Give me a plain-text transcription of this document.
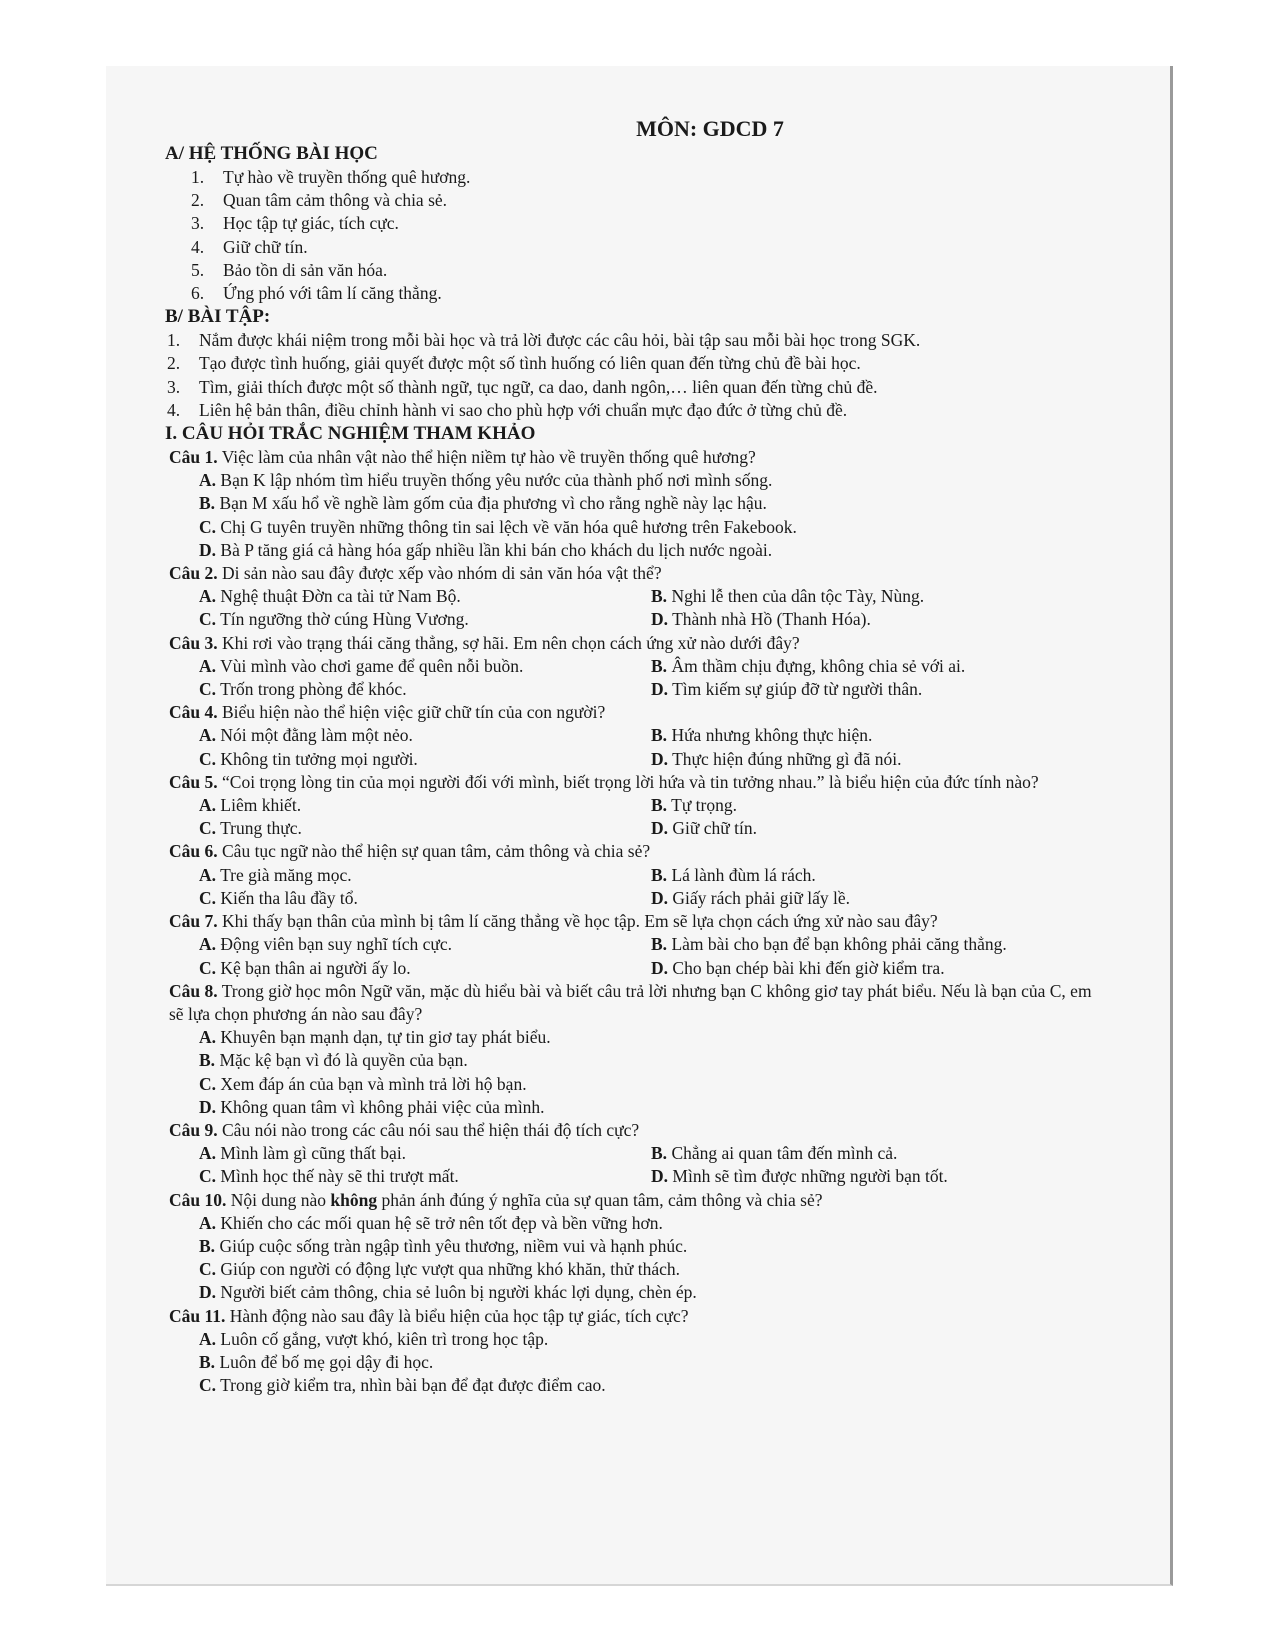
MÔN: GDCD 7
A/ HỆ THỐNG BÀI HỌC
1.	Tự hào về truyền thống quê hương.
2.	Quan tâm cảm thông và chia sẻ.
3.	Học tập tự giác, tích cực.
4.	Giữ chữ tín.
5.	Bảo tồn di sản văn hóa.
6.	Ứng phó với tâm lí căng thẳng.
B/ BÀI TẬP:
1.	Nắm được khái niệm trong mỗi bài học và trả lời được các câu hỏi, bài tập sau mỗi bài học trong SGK.
2.	Tạo được tình huống, giải quyết được một số tình huống có liên quan đến từng chủ đề bài học.
3.	Tìm, giải thích được một số thành ngữ, tục ngữ, ca dao, danh ngôn,… liên quan đến từng chủ đề.
4.	Liên hệ bản thân, điều chỉnh hành vi sao cho phù hợp với chuẩn mực đạo đức ở từng chủ đề.
I. CÂU HỎI TRẮC NGHIỆM THAM KHẢO
Câu 1. Việc làm của nhân vật nào thể hiện niềm tự hào về truyền thống quê hương?
A. Bạn K lập nhóm tìm hiểu truyền thống yêu nước của thành phố nơi mình sống.
B. Bạn M xấu hổ về nghề làm gốm của địa phương vì cho rằng nghề này lạc hậu.
C. Chị G tuyên truyền những thông tin sai lệch về văn hóa quê hương trên Fakebook.
D. Bà P tăng giá cả hàng hóa gấp nhiều lần khi bán cho khách du lịch nước ngoài.
Câu 2. Di sản nào sau đây được xếp vào nhóm di sản văn hóa vật thể?
A. Nghệ thuật Đờn ca tài tử Nam Bộ.	B. Nghi lễ then của dân tộc Tày, Nùng.
C. Tín ngưỡng thờ cúng Hùng Vương.	D. Thành nhà Hồ (Thanh Hóa).
Câu 3. Khi rơi vào trạng thái căng thẳng, sợ hãi. Em nên chọn cách ứng xử nào dưới đây?
A. Vùi mình vào chơi game để quên nỗi buồn.	B. Âm thầm chịu đựng, không chia sẻ với ai.
C. Trốn trong phòng để khóc.	D. Tìm kiếm sự giúp đỡ từ người thân.
Câu 4. Biểu hiện nào thể hiện việc giữ chữ tín của con người?
A. Nói một đằng làm một nẻo.	B. Hứa nhưng không thực hiện.
C. Không tin tưởng mọi người.	D. Thực hiện đúng những gì đã nói.
Câu 5. “Coi trọng lòng tin của mọi người đối với mình, biết trọng lời hứa và tin tưởng nhau.” là biểu hiện của đức tính nào?
A. Liêm khiết.	B. Tự trọng.
C. Trung thực.	D. Giữ chữ tín.
Câu 6. Câu tục ngữ nào thể hiện sự quan tâm, cảm thông và chia sẻ?
A. Tre già măng mọc.	B. Lá lành đùm lá rách.
C. Kiến tha lâu đầy tổ.	D. Giấy rách phải giữ lấy lề.
Câu 7. Khi thấy bạn thân của mình bị tâm lí căng thẳng về học tập. Em sẽ lựa chọn cách ứng xử nào sau đây?
A. Động viên bạn suy nghĩ tích cực.	B. Làm bài cho bạn để bạn không phải căng thẳng.
C. Kệ bạn thân ai người ấy lo.	D. Cho bạn chép bài khi đến giờ kiểm tra.
Câu 8. Trong giờ học môn Ngữ văn, mặc dù hiểu bài và biết câu trả lời nhưng bạn C không giơ tay phát biểu. Nếu là bạn của C, em sẽ lựa chọn phương án nào sau đây?
A. Khuyên bạn mạnh dạn, tự tin giơ tay phát biểu.
B. Mặc kệ bạn vì đó là quyền của bạn.
C. Xem đáp án của bạn và mình trả lời hộ bạn.
D. Không quan tâm vì không phải việc của mình.
Câu 9. Câu nói nào trong các câu nói sau thể hiện thái độ tích cực?
A. Mình làm gì cũng thất bại.	B. Chẳng ai quan tâm đến mình cả.
C. Mình học thế này sẽ thi trượt mất.	D. Mình sẽ tìm được những người bạn tốt.
Câu 10. Nội dung nào không phản ánh đúng ý nghĩa của sự quan tâm, cảm thông và chia sẻ?
A. Khiến cho các mối quan hệ sẽ trở nên tốt đẹp và bền vững hơn.
B. Giúp cuộc sống tràn ngập tình yêu thương, niềm vui và hạnh phúc.
C. Giúp con người có động lực vượt qua những khó khăn, thử thách.
D. Người biết cảm thông, chia sẻ luôn bị người khác lợi dụng, chèn ép.
Câu 11. Hành động nào sau đây là biểu hiện của học tập tự giác, tích cực?
A. Luôn cố gắng, vượt khó, kiên trì trong học tập.
B. Luôn để bố mẹ gọi dậy đi học.
C. Trong giờ kiểm tra, nhìn bài bạn để đạt được điểm cao.
